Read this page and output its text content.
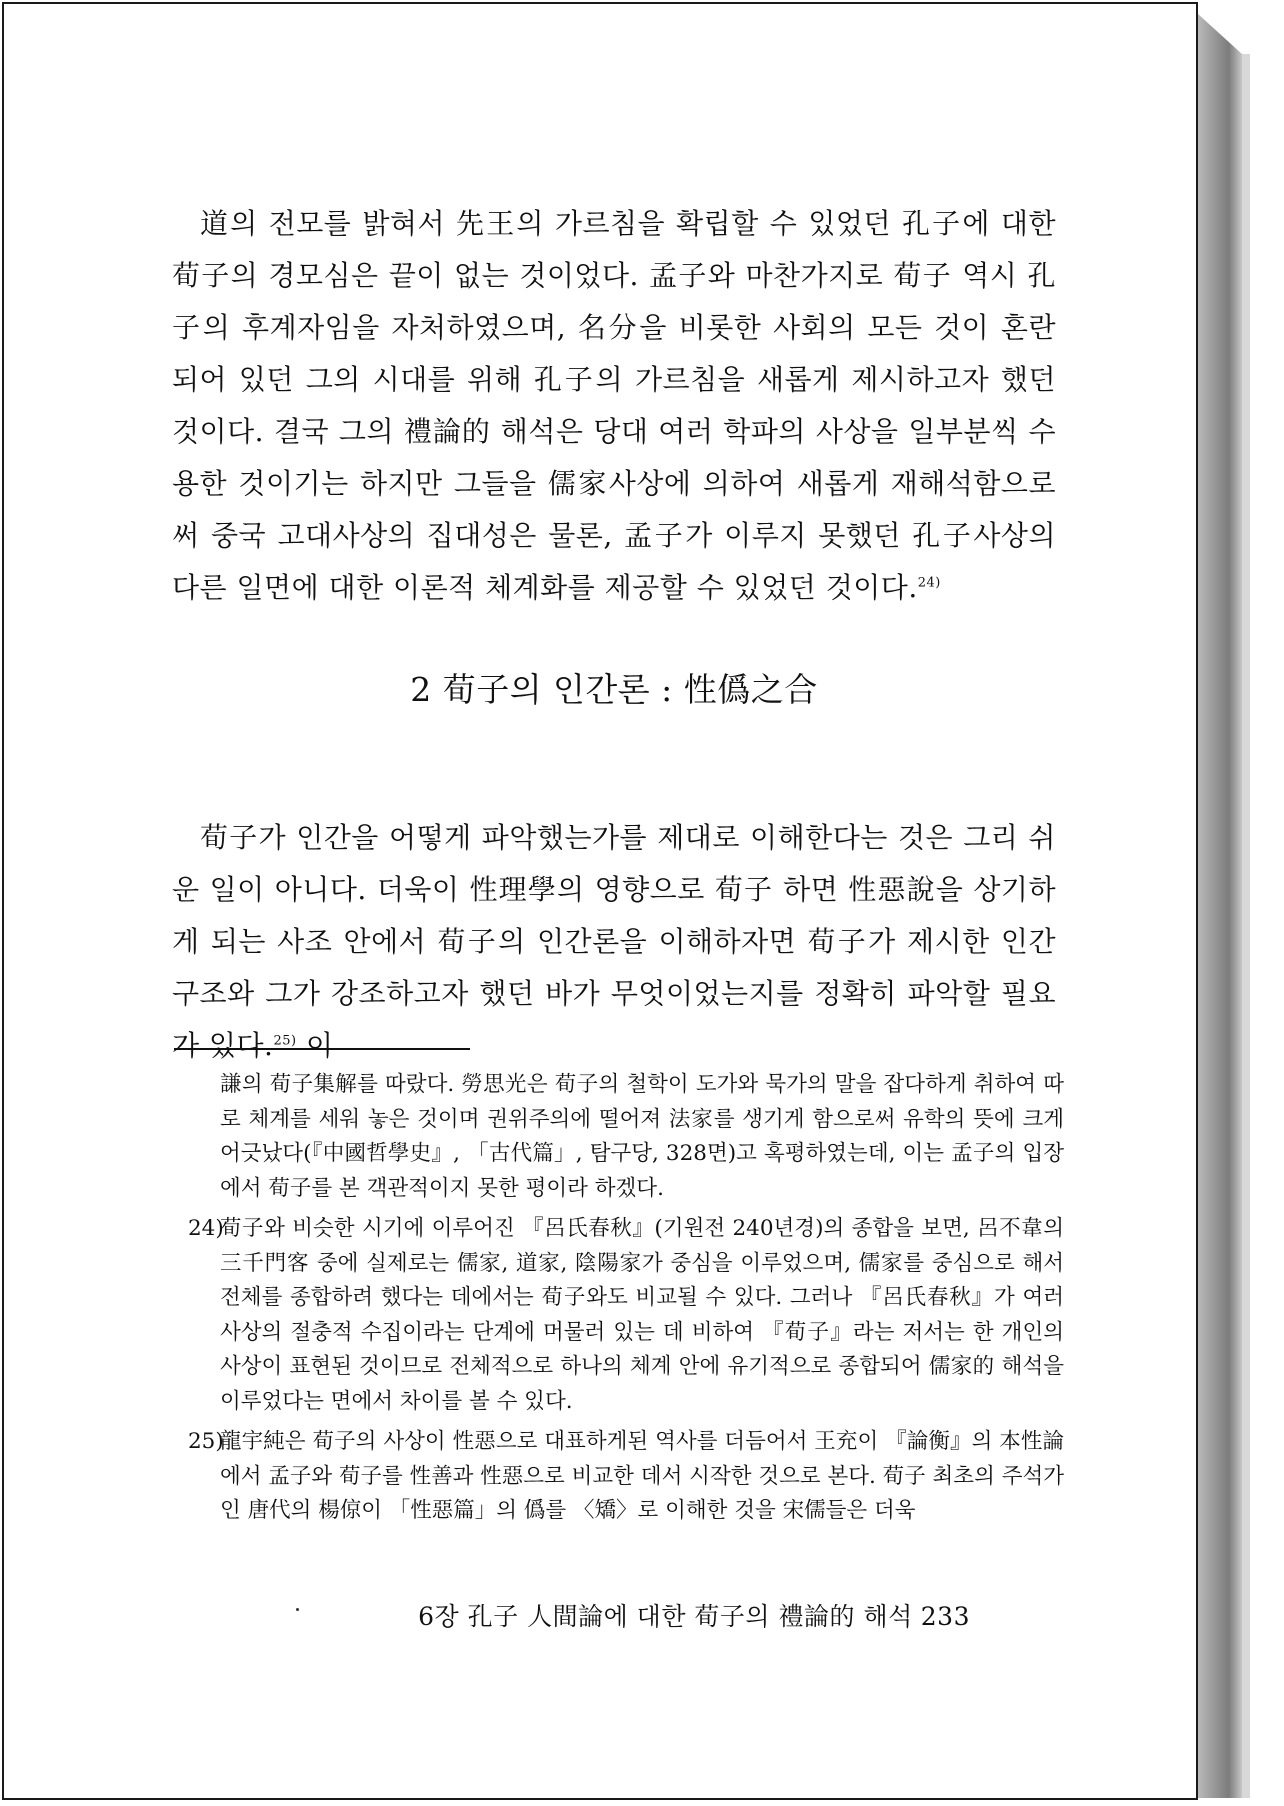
道의 전모를 밝혀서 先王의 가르침을 확립할 수 있었던 孔子에 대한 荀子의 경모심은 끝이 없는 것이었다. 孟子와 마찬가지로 荀子 역시 孔子의 후계자임을 자처하였으며, 名分을 비롯한 사회의 모든 것이 혼란되어 있던 그의 시대를 위해 孔子의 가르침을 새롭게 제시하고자 했던 것이다. 결국 그의 禮論的 해석은 당대 여러 학파의 사상을 일부분씩 수용한 것이기는 하지만 그들을 儒家사상에 의하여 새롭게 재해석함으로써 중국 고대사상의 집대성은 물론, 孟子가 이루지 못했던 孔子사상의 다른 일면에 대한 이론적 체계화를 제공할 수 있었던 것이다.$^{24)}$

2 荀子의 인간론 : 性僞之合

荀子가 인간을 어떻게 파악했는가를 제대로 이해한다는 것은 그리 쉬운 일이 아니다. 더욱이 性理學의 영향으로 荀子 하면 性惡說을 상기하게 되는 사조 안에서 荀子의 인간론을 이해하자면 荀子가 제시한 인간구조와 그가 강조하고자 했던 바가 무엇이었는지를 정확히 파악할 필요가 있다.$^{25)}$ 이

謙의 荀子集解를 따랐다. 勞思光은 荀子의 철학이 도가와 묵가의 말을 잡다하게 취하여 따로 체계를 세워 놓은 것이며 권위주의에 떨어져 法家를 생기게 함으로써 유학의 뜻에 크게 어긋났다(『中國哲學史』, 「古代篇」, 탐구당, 328면)고 혹평하였는데, 이는 孟子의 입장에서 荀子를 본 객관적이지 못한 평이라 하겠다.
24)
荀子와 비슷한 시기에 이루어진 『呂氏春秋』(기원전 240년경)의 종합을 보면, 呂不韋의 三千門客 중에 실제로는 儒家, 道家, 陰陽家가 중심을 이루었으며, 儒家를 중심으로 해서 전체를 종합하려 했다는 데에서는 荀子와도 비교될 수 있다. 그러나 『呂氏春秋』가 여러 사상의 절충적 수집이라는 단계에 머물러 있는 데 비하여 『荀子』라는 저서는 한 개인의 사상이 표현된 것이므로 전체적으로 하나의 체계 안에 유기적으로 종합되어 儒家的 해석을 이루었다는 면에서 차이를 볼 수 있다.
25)
龍宇純은 荀子의 사상이 性惡으로 대표하게된 역사를 더듬어서 王充이 『論衡』의 本性論에서 孟子와 荀子를 性善과 性惡으로 비교한 데서 시작한 것으로 본다. 荀子 최초의 주석가인 唐代의 楊倞이 「性惡篇」의 僞를 〈矯〉로 이해한 것을 宋儒들은 더욱
6장 孔子 人間論에 대한 荀子의 禮論的 해석 233
